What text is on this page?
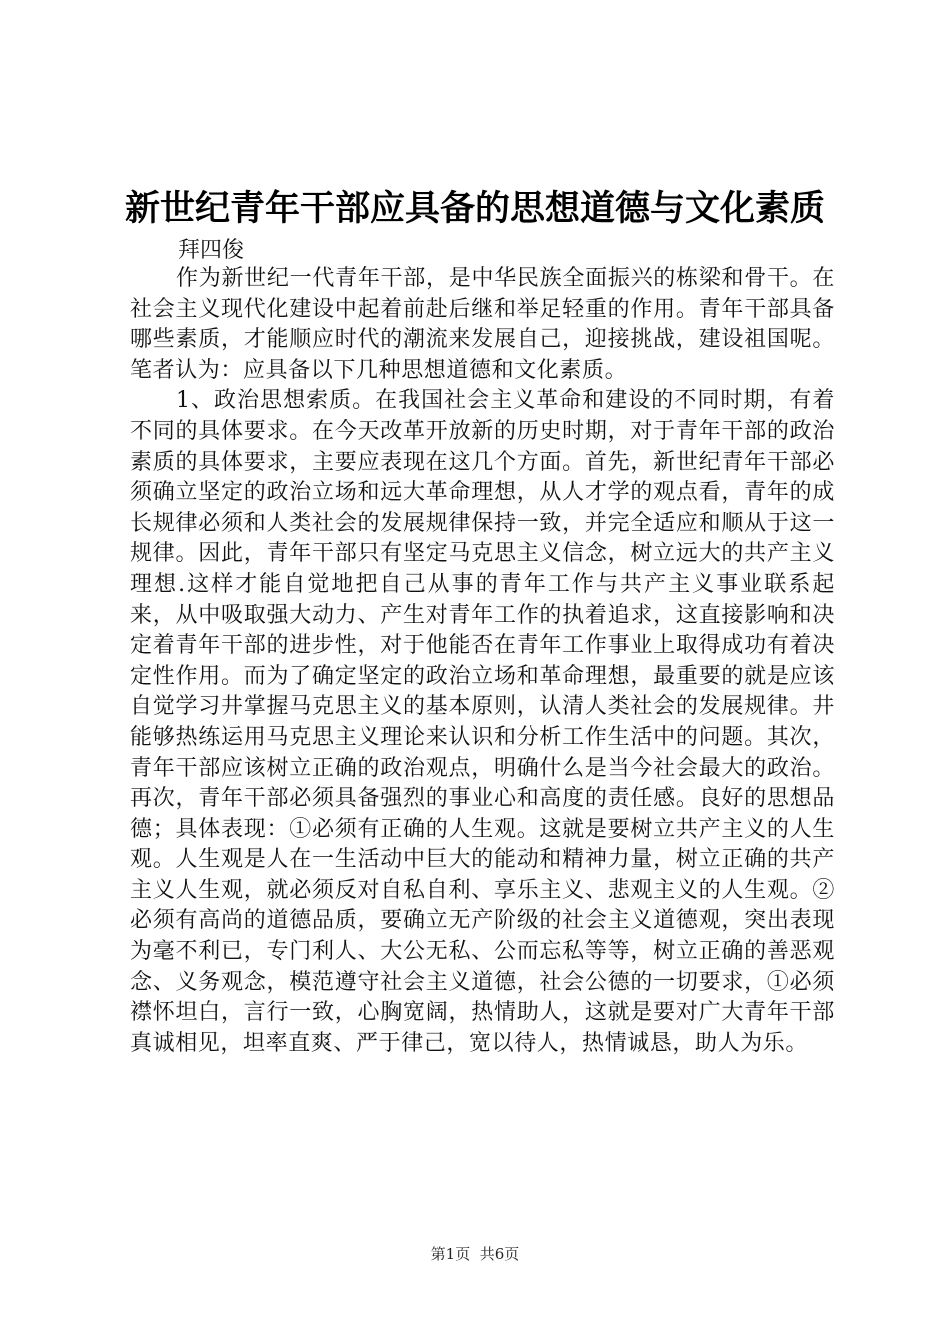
新世纪青年干部应具备的思想道德与文化素质
拜四俊

作为新世纪一代青年干部，是中华民族全面振兴的栋梁和骨干。在社会主义现代化建设中起着前赴后继和举足轻重的作用。青年干部具备哪些素质，才能顺应时代的潮流来发展自己，迎接挑战，建设祖国呢。笔者认为：应具备以下几种思想道德和文化素质。

1、政治思想索质。在我国社会主义革命和建设的不同时期，有着不同的具体要求。在今天改革开放新的历史时期，对于青年干部的政治素质的具体要求，主要应表现在这几个方面。首先，新世纪青年干部必须确立坚定的政治立场和远大革命理想，从人才学的观点看，青年的成长规律必须和人类社会的发展规律保持一致，并完全适应和顺从于这一规律。因此，青年干部只有坚定马克思主义信念，树立远大的共产主义理想.这样才能自觉地把自己从事的青年工作与共产主义事业联系起来，从中吸取强大动力、产生对青年工作的执着追求，这直接影响和决定着青年干部的进步性，对于他能否在青年工作事业上取得成功有着决定性作用。而为了确定坚定的政治立场和革命理想，最重要的就是应该自觉学习井掌握马克思主义的基本原则，认清人类社会的发展规律。井能够热练运用马克思主义理论来认识和分析工作生活中的问题。其次，青年干部应该树立正确的政治观点，明确什么是当今社会最大的政治。再次，青年干部必须具备强烈的事业心和高度的责任感。良好的思想品德；具体表现：①必须有正确的人生观。这就是要树立共产主义的人生观。人生观是人在一生活动中巨大的能动和精神力量，树立正确的共产主义人生观，就必须反对自私自利、享乐主义、悲观主义的人生观。②必须有高尚的道德品质，要确立无产阶级的社会主义道德观，突出表现为毫不利已，专门利人、大公无私、公而忘私等等，树立正确的善恶观念、义务观念，模范遵守社会主义道德，社会公德的一切要求，①必须襟怀坦白，言行一致，心胸宽阔，热情助人，这就是要对广大青年干部真诚相见，坦率直爽、严于律己，宽以待人，热情诚恳，助人为乐。

第1页 共6页
